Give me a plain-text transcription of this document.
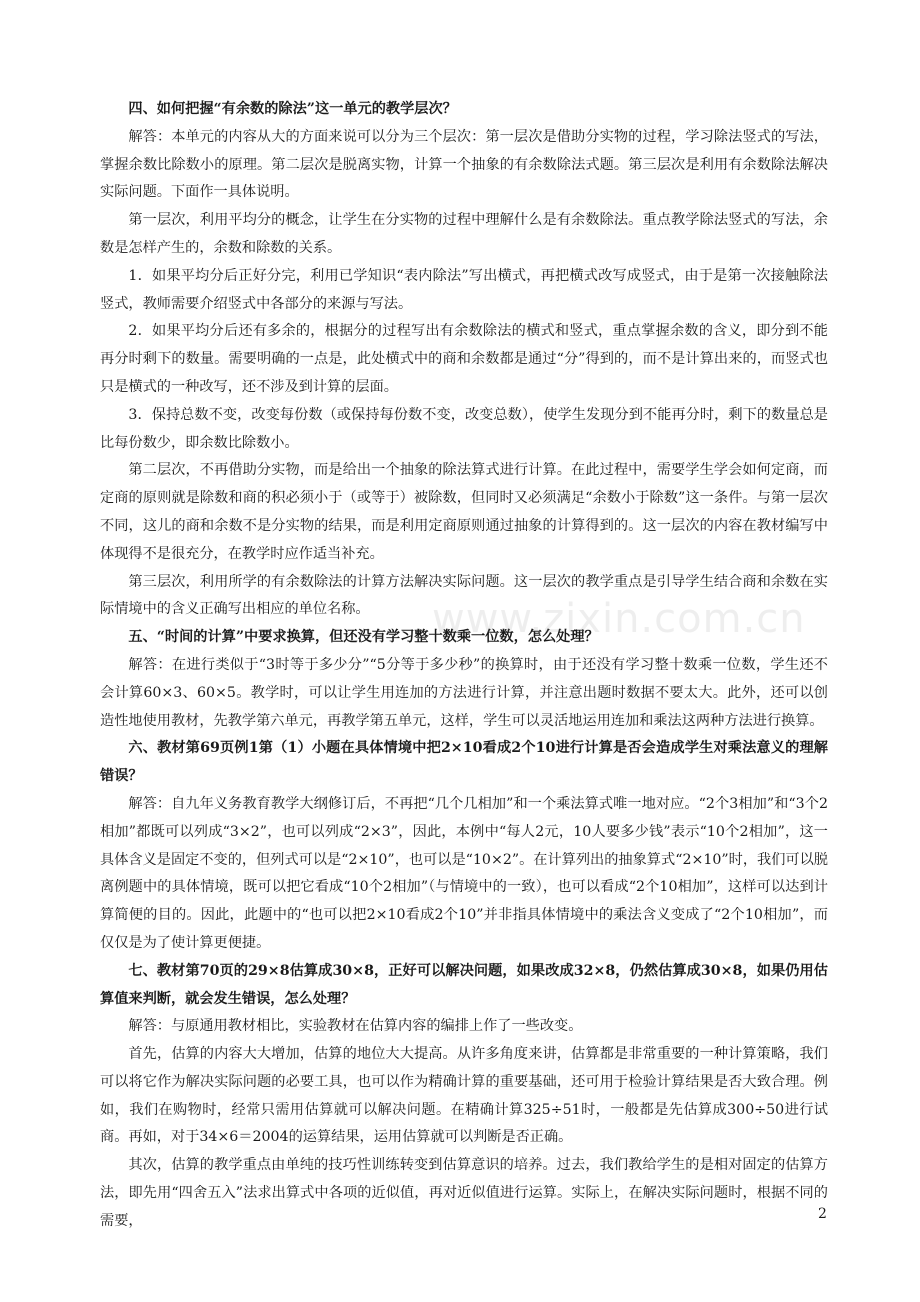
四、如何把握“有余数的除法”这一单元的教学层次？

解答：本单元的内容从大的方面来说可以分为三个层次：第一层次是借助分实物的过程，学习除法竖式的写法，掌握余数比除数小的原理。第二层次是脱离实物，计算一个抽象的有余数除法式题。第三层次是利用有余数除法解决实际问题。下面作一具体说明。

第一层次，利用平均分的概念，让学生在分实物的过程中理解什么是有余数除法。重点教学除法竖式的写法，余数是怎样产生的，余数和除数的关系。

1．如果平均分后正好分完，利用已学知识“表内除法”写出横式，再把横式改写成竖式，由于是第一次接触除法竖式，教师需要介绍竖式中各部分的来源与写法。

2．如果平均分后还有多余的，根据分的过程写出有余数除法的横式和竖式，重点掌握余数的含义，即分到不能再分时剩下的数量。需要明确的一点是，此处横式中的商和余数都是通过“分”得到的，而不是计算出来的，而竖式也只是横式的一种改写，还不涉及到计算的层面。

3．保持总数不变，改变每份数（或保持每份数不变，改变总数），使学生发现分到不能再分时，剩下的数量总是比每份数少，即余数比除数小。

第二层次，不再借助分实物，而是给出一个抽象的除法算式进行计算。在此过程中，需要学生学会如何定商，而定商的原则就是除数和商的积必须小于（或等于）被除数，但同时又必须满足“余数小于除数”这一条件。与第一层次不同，这儿的商和余数不是分实物的结果，而是利用定商原则通过抽象的计算得到的。这一层次的内容在教材编写中体现得不是很充分，在教学时应作适当补充。

第三层次，利用所学的有余数除法的计算方法解决实际问题。这一层次的教学重点是引导学生结合商和余数在实际情境中的含义正确写出相应的单位名称。

五、“时间的计算”中要求换算，但还没有学习整十数乘一位数，怎么处理？

解答：在进行类似于“3时等于多少分”“5分等于多少秒”的换算时，由于还没有学习整十数乘一位数，学生还不会计算60×3、60×5。教学时，可以让学生用连加的方法进行计算，并注意出题时数据不要太大。此外，还可以创造性地使用教材，先教学第六单元，再教学第五单元，这样，学生可以灵活地运用连加和乘法这两种方法进行换算。

六、教材第69页例1第（1）小题在具体情境中把2×10看成2个10进行计算是否会造成学生对乘法意义的理解错误？

解答：自九年义务教育教学大纲修订后，不再把“几个几相加”和一个乘法算式唯一地对应。“2个3相加”和“3个2相加”都既可以列成“3×2”，也可以列成“2×3”，因此，本例中“每人2元，10人要多少钱”表示“10个2相加”，这一具体含义是固定不变的，但列式可以是“2×10”，也可以是“10×2”。在计算列出的抽象算式“2×10”时，我们可以脱离例题中的具体情境，既可以把它看成“10个2相加”（与情境中的一致），也可以看成“2个10相加”，这样可以达到计算简便的目的。因此，此题中的“也可以把2×10看成2个10”并非指具体情境中的乘法含义变成了“2个10相加”，而仅仅是为了使计算更便捷。

七、教材第70页的29×8估算成30×8，正好可以解决问题，如果改成32×8，仍然估算成30×8，如果仍用估算值来判断，就会发生错误，怎么处理？

解答：与原通用教材相比，实验教材在估算内容的编排上作了一些改变。

首先，估算的内容大大增加，估算的地位大大提高。从许多角度来讲，估算都是非常重要的一种计算策略，我们可以将它作为解决实际问题的必要工具，也可以作为精确计算的重要基础，还可用于检验计算结果是否大致合理。例如，我们在购物时，经常只需用估算就可以解决问题。在精确计算325÷51时，一般都是先估算成300÷50进行试商。再如，对于34×6＝2004的运算结果，运用估算就可以判断是否正确。

其次，估算的教学重点由单纯的技巧性训练转变到估算意识的培养。过去，我们教给学生的是相对固定的估算方法，即先用“四舍五入”法求出算式中各项的近似值，再对近似值进行运算。实际上，在解决实际问题时，根据不同的需要，

www.zixin.com.cn
2
